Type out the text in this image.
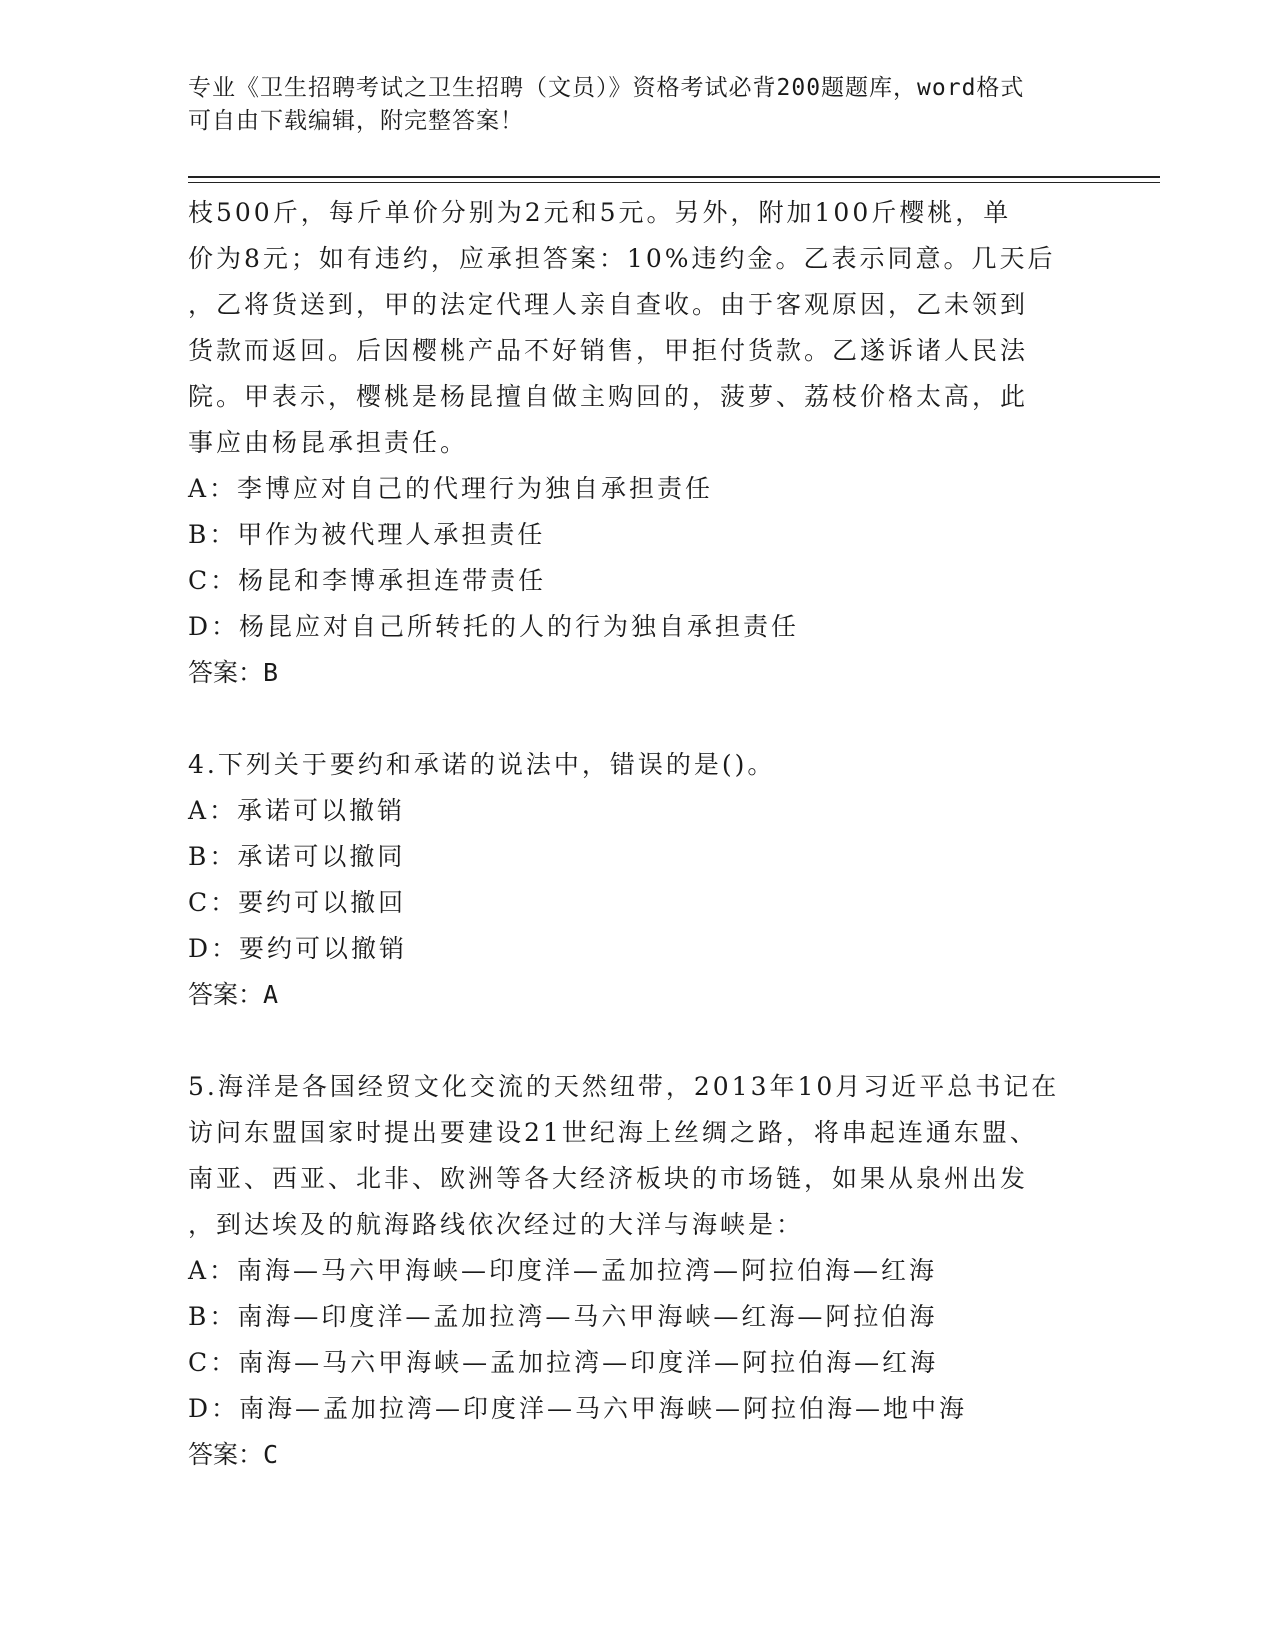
专业《卫生招聘考试之卫生招聘（文员）》资格考试必背200题题库，word格式
可自由下载编辑，附完整答案！

枝500斤，每斤单价分别为2元和5元。另外，附加100斤樱桃，单

价为8元；如有违约，应承担答案：10%违约金。乙表示同意。几天后

，乙将货送到，甲的法定代理人亲自查收。由于客观原因，乙未领到

货款而返回。后因樱桃产品不好销售，甲拒付货款。乙遂诉诸人民法

院。甲表示，樱桃是杨昆擅自做主购回的，菠萝、荔枝价格太高，此

事应由杨昆承担责任。

A：李博应对自己的代理行为独自承担责任

B：甲作为被代理人承担责任

C：杨昆和李博承担连带责任

D：杨昆应对自己所转托的人的行为独自承担责任

答案：B

4.下列关于要约和承诺的说法中，错误的是()。

A：承诺可以撤销

B：承诺可以撤同

C：要约可以撤回

D：要约可以撤销

答案：A

5.海洋是各国经贸文化交流的天然纽带，2013年10月习近平总书记在

访问东盟国家时提出要建设21世纪海上丝绸之路，将串起连通东盟、

南亚、西亚、北非、欧洲等各大经济板块的市场链，如果从泉州出发

，到达埃及的航海路线依次经过的大洋与海峡是：

A：南海—马六甲海峡—印度洋—孟加拉湾—阿拉伯海—红海

B：南海—印度洋—孟加拉湾—马六甲海峡—红海—阿拉伯海

C：南海—马六甲海峡—孟加拉湾—印度洋—阿拉伯海—红海

D：南海—孟加拉湾—印度洋—马六甲海峡—阿拉伯海—地中海

答案：C
